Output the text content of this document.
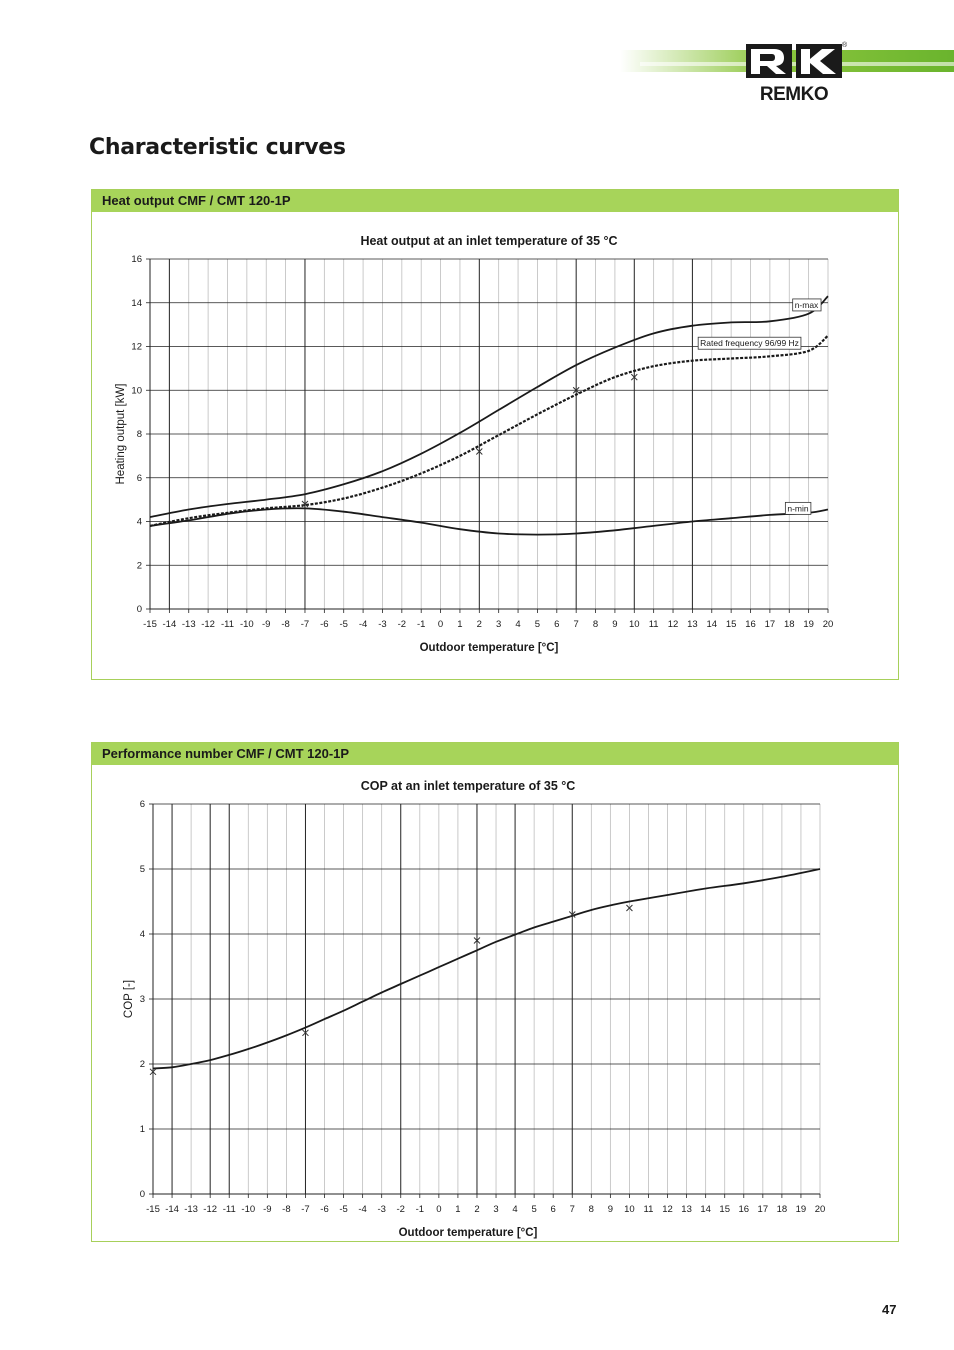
®
REMKO
Characteristic curves
Heat output CMF / CMT 120-1P
Heat output at an inlet temperature of 35 °C
-15 -14 -13 -12 -11 -10 -9 -8 -7 -6 -5 -4 -3 -2 -1 0 1 2 3 4 5 6 7 8 9 10 11 12 13 14 15 16 17 18 19 20
0
2
4
6
8
10
12
14
16
Outdoor temperature [°C]
Heating output [kW]
n-max
Rated frequency 96/99 Hz
n-min
Performance number CMF / CMT 120-1P
COP at an inlet temperature of 35 °C
-15 -14 -13 -12 -11 -10 -9 -8 -7 -6 -5 -4 -3 -2 -1 0 1 2 3 4 5 6 7 8 9 10 11 12 13 14 15 16 17 18 19 20
0
1
2
3
4
5
6
Outdoor temperature [°C]
COP [-]
47
